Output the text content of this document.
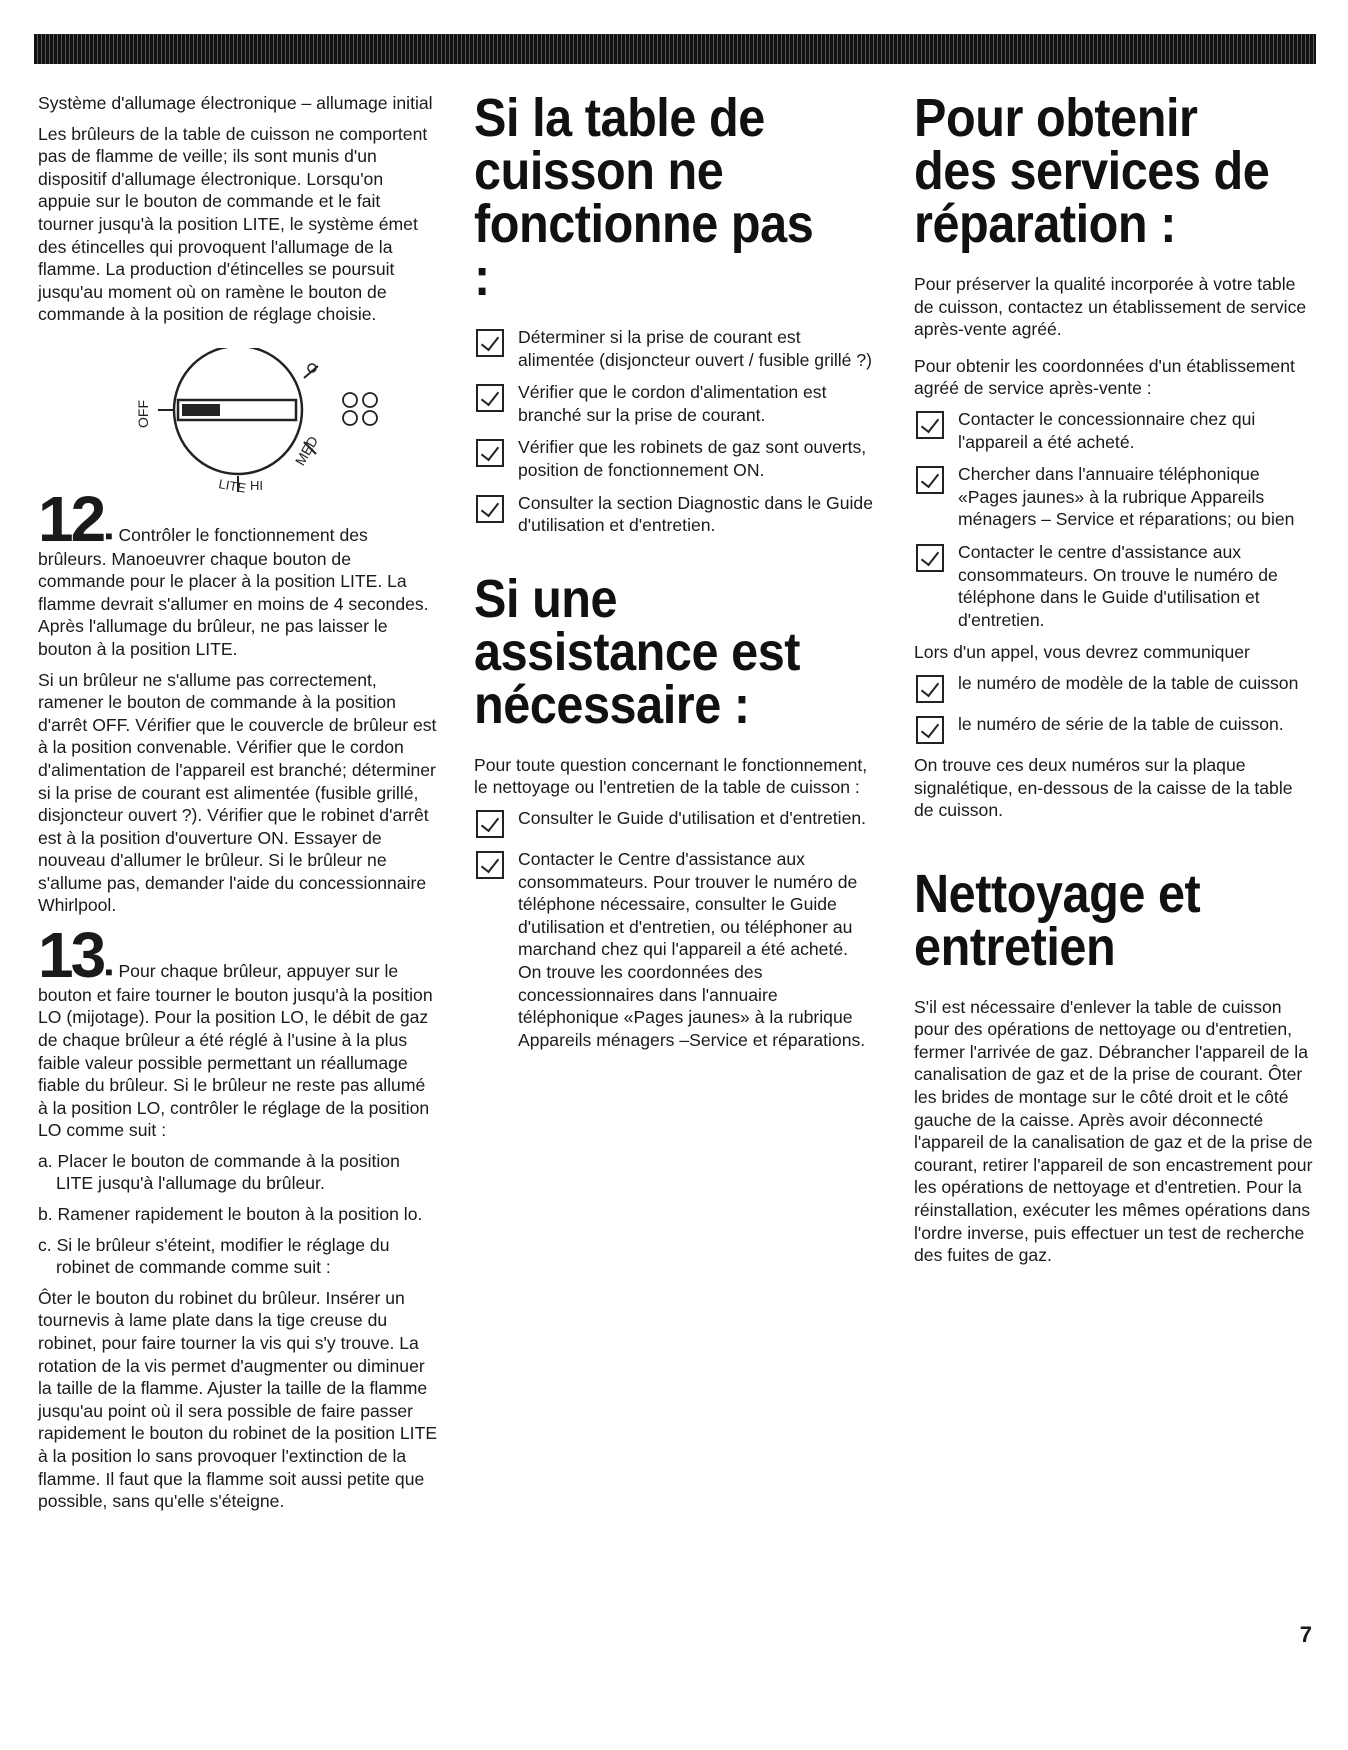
Système d'allumage électronique – allumage initial

Les brûleurs de la table de cuisson ne comportent pas de flamme de veille; ils sont munis d'un dispositif d'allumage électronique. Lorsqu'on appuie sur le bouton de commande et le fait tourner jusqu'à la position LITE, le système émet des étincelles qui provoquent l'allumage de la flamme. La production d'étincelles se poursuit jusqu'au moment où on ramène le bouton de commande à la position de réglage choisie.

OFF
MED
LITE HI

12 ■ Contrôler le fonctionnement des brûleurs. Manoeuvrer chaque bouton de commande pour le placer à la position LITE. La flamme devrait s'allumer en moins de 4 secondes. Après l'allumage du brûleur, ne pas laisser le bouton à la position LITE.

Si un brûleur ne s'allume pas correctement, ramener le bouton de commande à la position d'arrêt OFF. Vérifier que le couvercle de brûleur est à la position convenable. Vérifier que le cordon d'alimentation de l'appareil est branché; déterminer si la prise de courant est alimentée (fusible grillé, disjoncteur ouvert ?). Vérifier que le robinet d'arrêt est à la position d'ouverture ON. Essayer de nouveau d'allumer le brûleur. Si le brûleur ne s'allume pas, demander l'aide du concessionnaire Whirlpool.

13 ■ Pour chaque brûleur, appuyer sur le bouton et faire tourner le bouton jusqu'à la position LO (mijotage). Pour la position LO, le débit de gaz de chaque brûleur a été réglé à l'usine à la plus faible valeur possible permettant un réallumage fiable du brûleur. Si le brûleur ne reste pas allumé à la position LO, contrôler le réglage de la position LO comme suit :

a. Placer le bouton de commande à la position LITE jusqu'à l'allumage du brûleur.

b. Ramener rapidement le bouton à la position lo.

c. Si le brûleur s'éteint, modifier le réglage du robinet de commande comme suit :

Ôter le bouton du robinet du brûleur. Insérer un tournevis à lame plate dans la tige creuse du robinet, pour faire tourner la vis qui s'y trouve. La rotation de la vis permet d'augmenter ou diminuer la taille de la flamme. Ajuster la taille de la flamme jusqu'au point où il sera possible de faire passer rapidement le bouton du robinet de la position LITE à la position lo sans provoquer l'extinction de la flamme. Il faut que la flamme soit aussi petite que possible, sans qu'elle s'éteigne.

Si la table de cuisson ne fonctionne pas :

Déterminer si la prise de courant est alimentée (disjoncteur ouvert / fusible grillé ?)

Vérifier que le cordon d'alimentation est branché sur la prise de courant.

Vérifier que les robinets de gaz sont ouverts, position de fonctionnement ON.

Consulter la section Diagnostic dans le Guide d'utilisation et d'entretien.

Si une assistance est nécessaire :

Pour toute question concernant le fonctionnement, le nettoyage ou l'entretien de la table de cuisson :

Consulter le Guide d'utilisation et d'entretien.

Contacter le Centre d'assistance aux consommateurs. Pour trouver le numéro de téléphone nécessaire, consulter le Guide d'utilisation et d'entretien, ou téléphoner au marchand chez qui l'appareil a été acheté. On trouve les coordonnées des concessionnaires dans l'annuaire téléphonique «Pages jaunes» à la rubrique Appareils ménagers –Service et réparations.

Pour obtenir des services de réparation :

Pour préserver la qualité incorporée à votre table de cuisson, contactez un établissement de service après-vente agréé.

Pour obtenir les coordonnées d'un établissement agréé de service après-vente :

Contacter le concessionnaire chez qui l'appareil a été acheté.

Chercher dans l'annuaire téléphonique «Pages jaunes» à la rubrique Appareils ménagers – Service et réparations; ou bien

Contacter le centre d'assistance aux consommateurs. On trouve le numéro de téléphone dans le Guide d'utilisation et d'entretien.

Lors d'un appel, vous devrez communiquer

le numéro de modèle de la table de cuisson

le numéro de série de la table de cuisson.

On trouve ces deux numéros sur la plaque signalétique, en-dessous de la caisse de la table de cuisson.

Nettoyage et entretien

S'il est nécessaire d'enlever la table de cuisson pour des opérations de nettoyage ou d'entretien, fermer l'arrivée de gaz. Débrancher l'appareil de la canalisation de gaz et de la prise de courant. Ôter les brides de montage sur le côté droit et le côté gauche de la caisse. Après avoir déconnecté l'appareil de la canalisation de gaz et de la prise de courant, retirer l'appareil de son encastrement pour les opérations de nettoyage et d'entretien. Pour la réinstallation, exécuter les mêmes opérations dans l'ordre inverse, puis effectuer un test de recherche des fuites de gaz.

7
